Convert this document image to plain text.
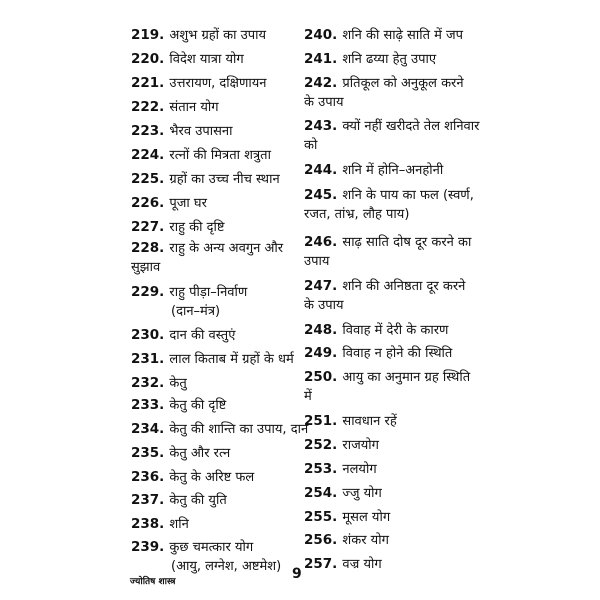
219. अशुभ ग्रहों का उपाय
220. विदेश यात्रा योग
221. उत्तरायण, दक्षिणायन
222. संतान योग
223. भैरव उपासना
224. रत्नों की मित्रता शत्रुता
225. ग्रहों का उच्च नीच स्थान
226. पूजा घर
227. राहु की दृष्टि
228. राहु के अन्य अवगुन और
सुझाव
229. राहु पीड़ा–निर्वाण
(दान–मंत्र)
230. दान की वस्तुएं
231. लाल किताब में ग्रहों के धर्म
232. केतु
233. केतु की दृष्टि
234. केतु की शान्ति का उपाय, दान
235. केतु और रत्न
236. केतु के अरिष्ट फल
237. केतु की युति
238. शनि
239. कुछ चमत्कार योग
(आयु, लग्नेश, अष्टमेश)
240. शनि की साढ़े साति में जप
241. शनि ढय्या हेतु उपाए
242. प्रतिकूल को अनुकूल करने
के उपाय
243. क्यों नहीं खरीदते तेल शनिवार
को
244. शनि में होनि–अनहोनी
245. शनि के पाय का फल (स्वर्ण,
रजत, तांभ्र, लौह पाय)
246. साढ़ साति दोष दूर करने का
उपाय
247. शनि की अनिष्ठता दूर करने
के उपाय
248. विवाह में देरी के कारण
249. विवाह न होने की स्थिति
250. आयु का अनुमान ग्रह स्थिति
में
251. सावधान रहें
252. राजयोग
253. नलयोग
254. ज्जु योग
255. मूसल योग
256. शंकर योग
257. वज्र योग
ज्योतिष शास्त्र	9
